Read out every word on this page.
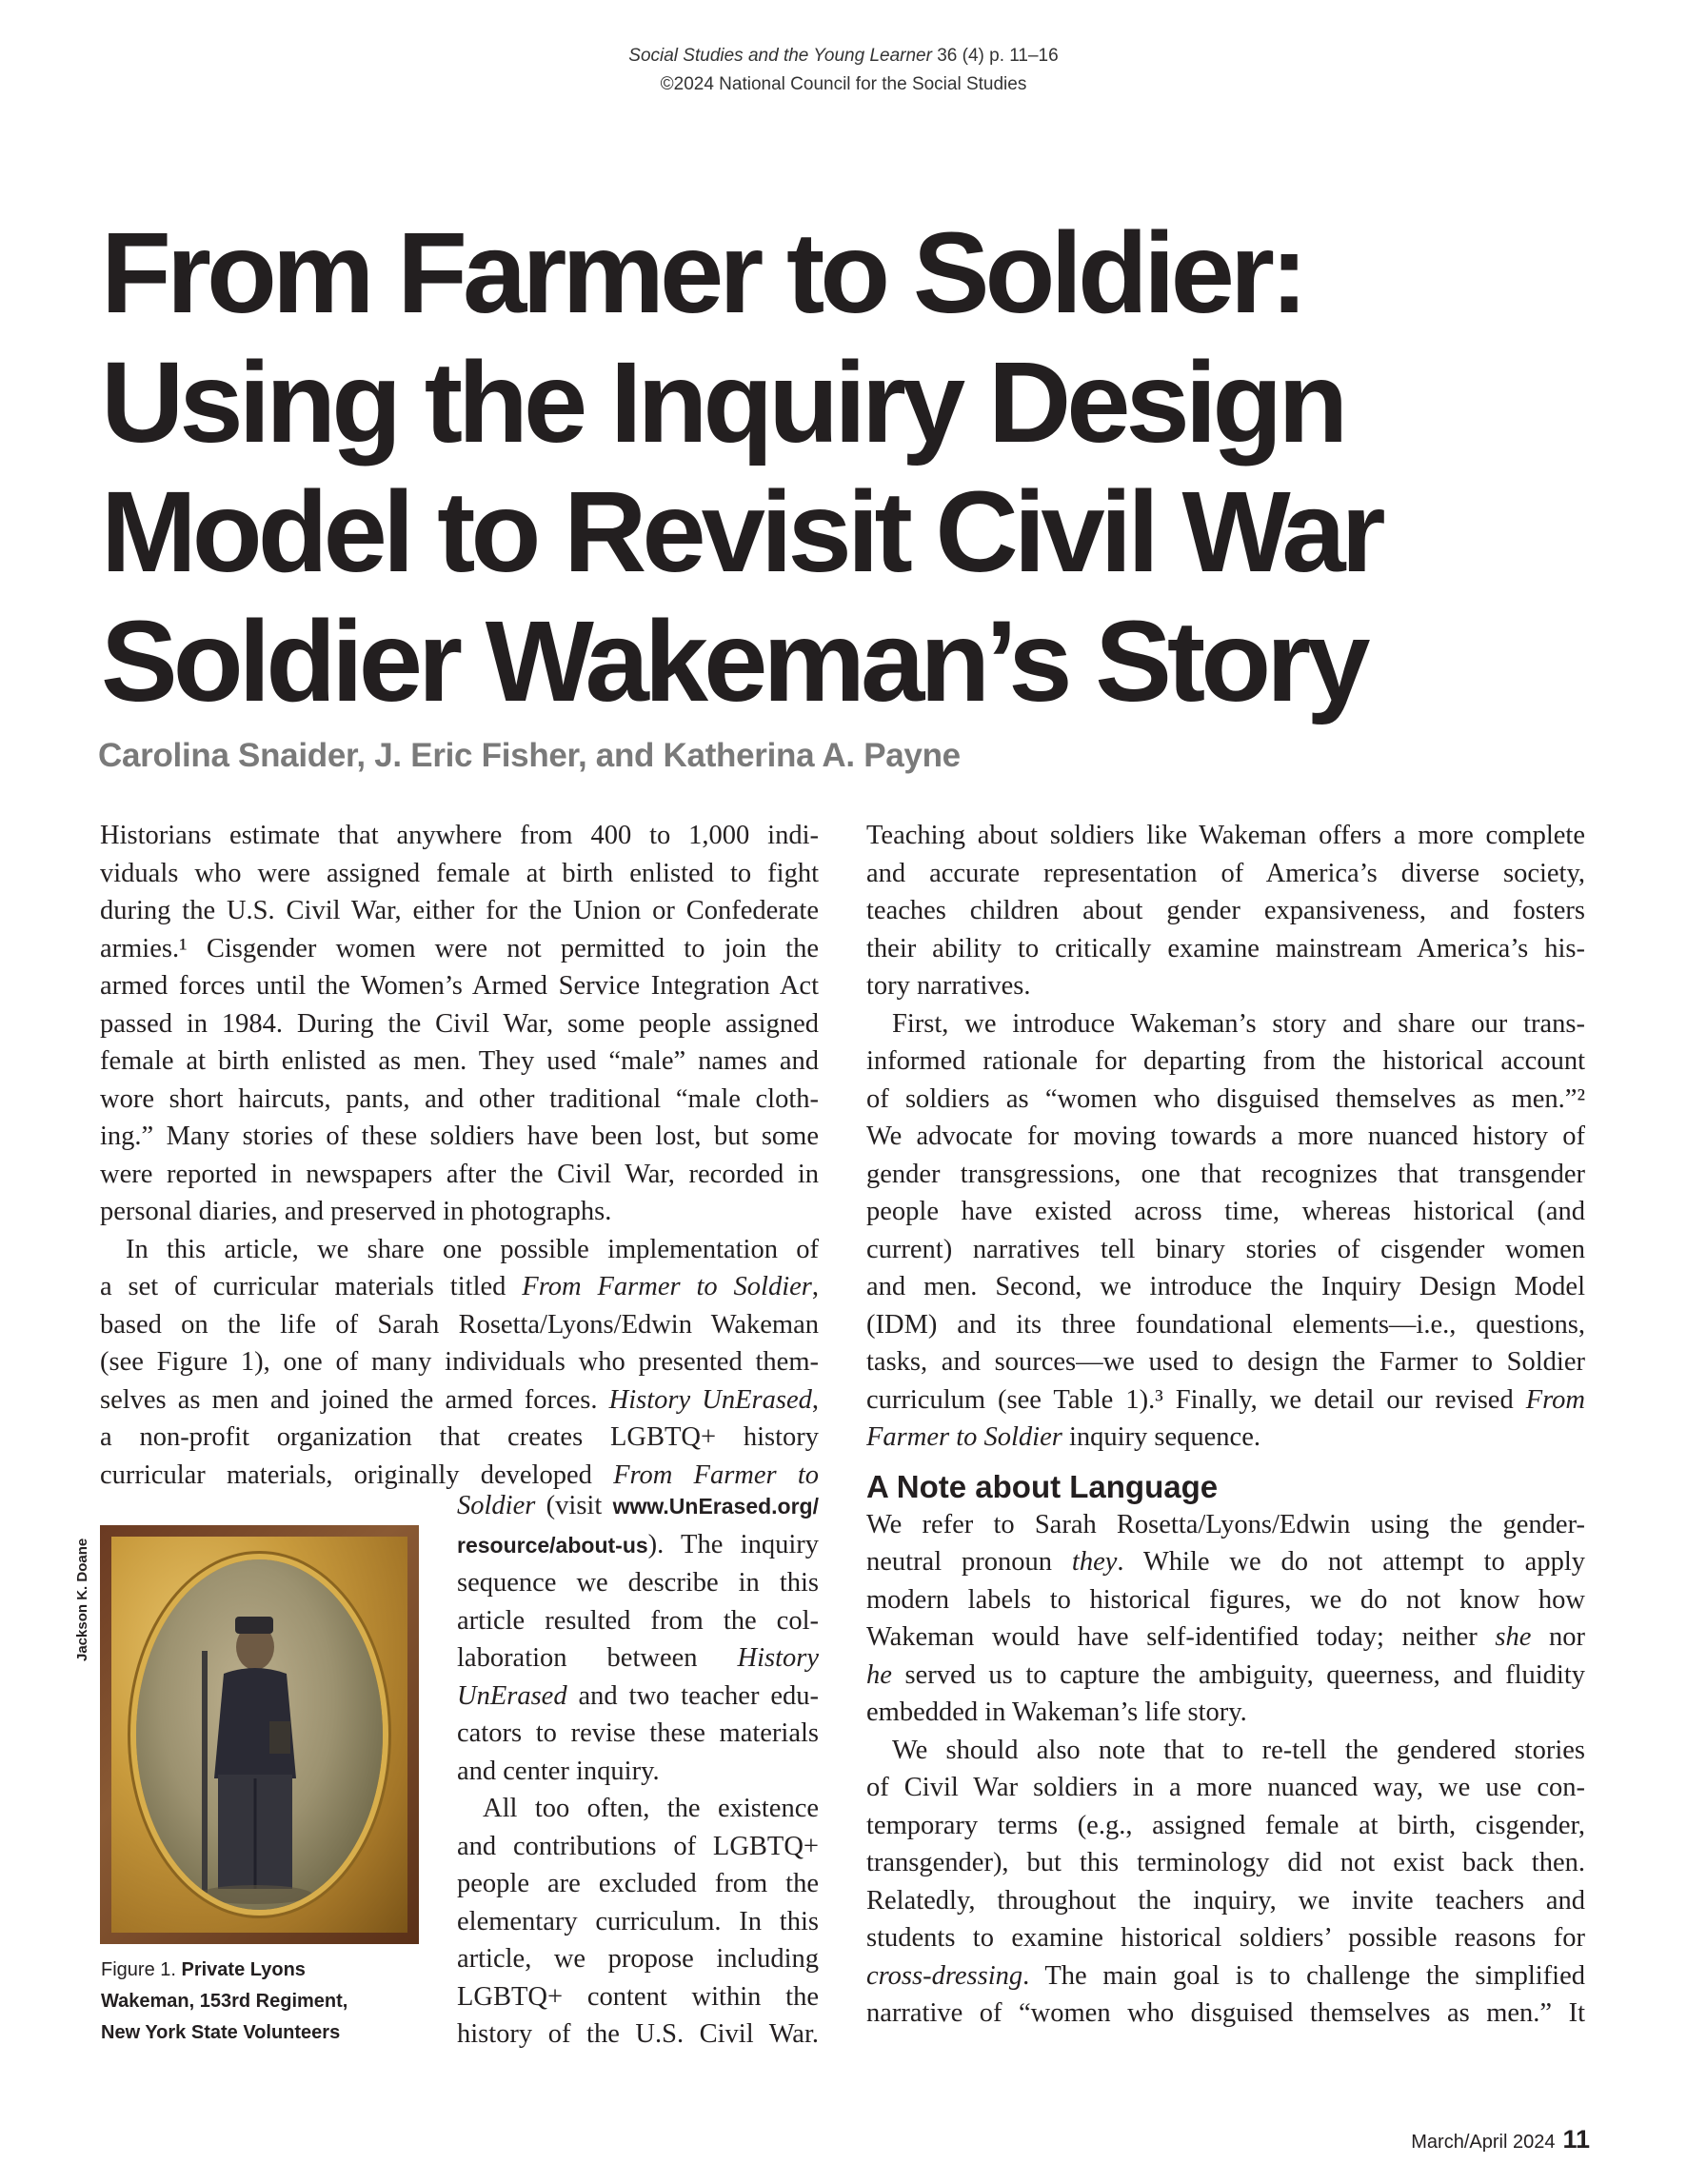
Social Studies and the Young Learner 36 (4) p. 11–16
©2024 National Council for the Social Studies
From Farmer to Soldier:
Using the Inquiry Design
Model to Revisit Civil War
Soldier Wakeman’s Story

Carolina Snaider, J. Eric Fisher, and Katherina A. Payne

Historians estimate that anywhere from 400 to 1,000 indi-
viduals who were assigned female at birth enlisted to fight
during the U.S. Civil War, either for the Union or Confederate
armies.¹ Cisgender women were not permitted to join the
armed forces until the Women’s Armed Service Integration Act
passed in 1984. During the Civil War, some people assigned
female at birth enlisted as men. They used “male” names and
wore short haircuts, pants, and other traditional “male cloth-
ing.” Many stories of these soldiers have been lost, but some
were reported in newspapers after the Civil War, recorded in
personal diaries, and preserved in photographs.

In this article, we share one possible implementation of
a set of curricular materials titled From Farmer to Soldier,
based on the life of Sarah Rosetta/Lyons/Edwin Wakeman
(see Figure 1), one of many individuals who presented them-
selves as men and joined the armed forces. History UnErased,
a non-profit organization that creates LGBTQ+ history
curricular materials, originally developed From Farmer to

Soldier (visit www.UnErased.org/
resource/about-us). The inquiry
sequence we describe in this
article resulted from the col-
laboration between History
UnErased and two teacher edu-
cators to revise these materials
and center inquiry.

All too often, the existence
and contributions of LGBTQ+
people are excluded from the
elementary curriculum. In this
article, we propose including
LGBTQ+ content within the
history of the U.S. Civil War.

Jackson K. Doane
Figure 1. Private Lyons
Wakeman, 153rd Regiment,
New York State Volunteers

Teaching about soldiers like Wakeman offers a more complete
and accurate representation of America’s diverse society,
teaches children about gender expansiveness, and fosters
their ability to critically examine mainstream America’s his-
tory narratives.

First, we introduce Wakeman’s story and share our trans-
informed rationale for departing from the historical account
of soldiers as “women who disguised themselves as men.”²
We advocate for moving towards a more nuanced history of
gender transgressions, one that recognizes that transgender
people have existed across time, whereas historical (and
current) narratives tell binary stories of cisgender women
and men. Second, we introduce the Inquiry Design Model
(IDM) and its three foundational elements—i.e., questions,
tasks, and sources—we used to design the Farmer to Soldier
curriculum (see Table 1).³ Finally, we detail our revised From
Farmer to Soldier inquiry sequence.

A Note about Language

We refer to Sarah Rosetta/Lyons/Edwin using the gender-
neutral pronoun they. While we do not attempt to apply
modern labels to historical figures, we do not know how
Wakeman would have self-identified today; neither she nor
he served us to capture the ambiguity, queerness, and fluidity
embedded in Wakeman’s life story.

We should also note that to re-tell the gendered stories
of Civil War soldiers in a more nuanced way, we use con-
temporary terms (e.g., assigned female at birth, cisgender,
transgender), but this terminology did not exist back then.
Relatedly, throughout the inquiry, we invite teachers and
students to examine historical soldiers’ possible reasons for
cross-dressing. The main goal is to challenge the simplified
narrative of “women who disguised themselves as men.” It

March/April 2024 11
